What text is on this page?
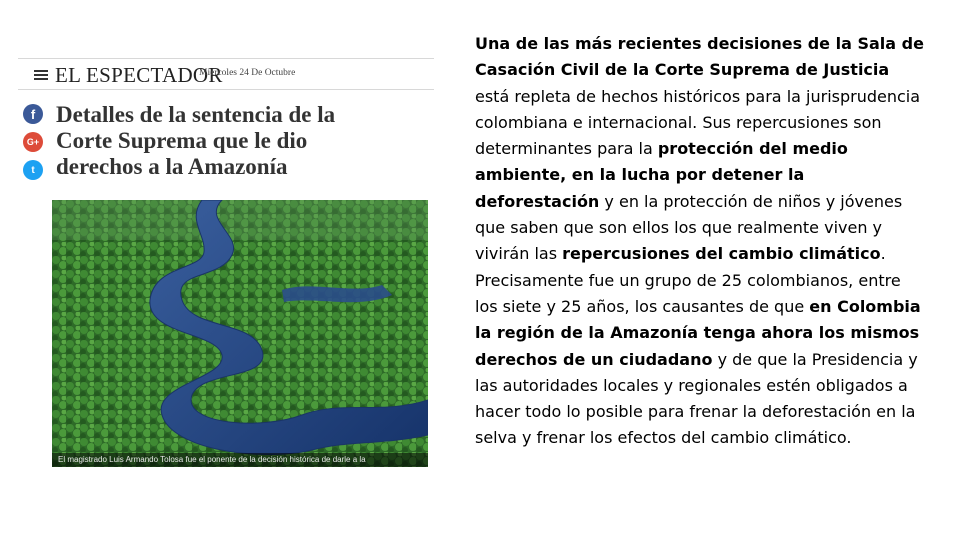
EL ESPECTADOR
Miércoles 24 De Octubre
f
G+
t
Detalles de la sentencia de la Corte Suprema que le dio derechos a la Amazonía
El magistrado Luis Armando Tolosa fue el ponente de la decisión histórica de darle a la

Una de las más recientes decisiones de la Sala de Casación Civil de la Corte Suprema de Justicia está repleta de hechos históricos para la jurisprudencia colombiana e internacional. Sus repercusiones son determinantes para la protección del medio ambiente, en la lucha por detener la deforestación y en la protección de niños y jóvenes que saben que son ellos los que realmente viven y vivirán las repercusiones del cambio climático. Precisamente fue un grupo de 25 colombianos, entre los siete y 25 años, los causantes de que en Colombia la región de la Amazonía tenga ahora los mismos derechos de un ciudadano y de que la Presidencia y las autoridades locales y regionales estén obligados a hacer todo lo posible para frenar la deforestación en la selva y frenar los efectos del cambio climático.
